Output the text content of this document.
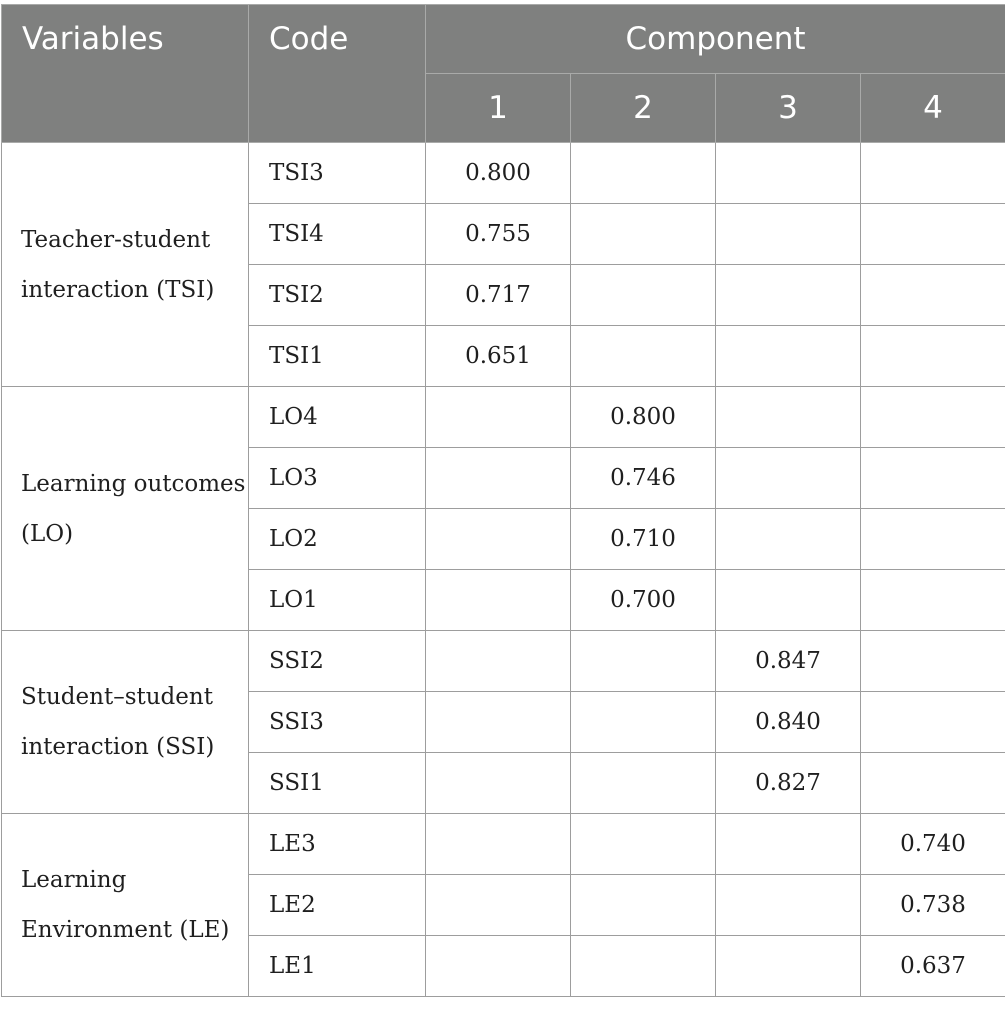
Variables	Code	Component			
		1	2	3	4
Teacher-student interaction (TSI)	TSI3	0.800			
	TSI4	0.755			
	TSI2	0.717			
	TSI1	0.651			
Learning outcomes (LO)	LO4		0.800		
	LO3		0.746		
	LO2		0.710		
	LO1		0.700		
Student–student interaction (SSI)	SSI2			0.847	
	SSI3			0.840	
	SSI1			0.827	
Learning Environment (LE)	LE3				0.740
	LE2				0.738
	LE1				0.637
